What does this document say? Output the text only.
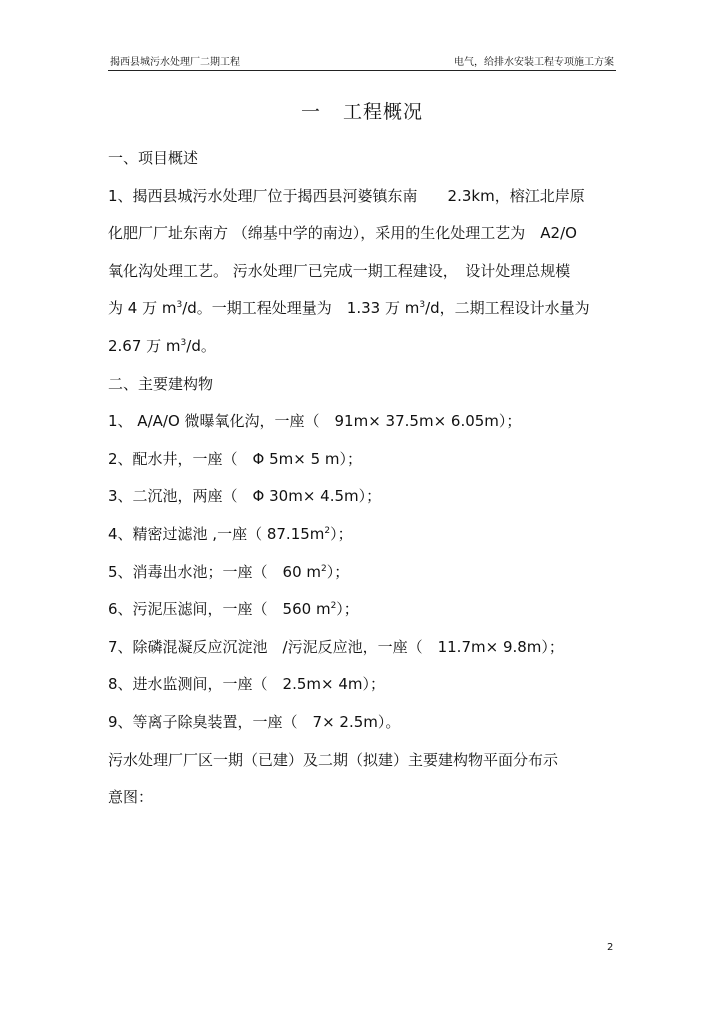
揭西县城污水处理厂二期工程	电气，给排水安装工程专项施工方案
一 工程概况

一、项目概述

1、揭西县城污水处理厂位于揭西县河婆镇东南　　2.3km，榕江北岸原

化肥厂厂址东南方 （绵基中学的南边），采用的生化处理工艺为　A2/O

氧化沟处理工艺。 污水处理厂已完成一期工程建设，　设计处理总规模

为 4 万 $m^3/d$。一期工程处理量为　1.33 万 $m^3/d$，二期工程设计水量为

2.67 万 $m^3/d$。

二、主要建构物

1、 A/A/O 微曝氧化沟，一座（　91m× 37.5m× 6.05m）；

2、配水井，一座（　Φ 5m× 5 m）；

3、二沉池，两座（　Φ 30m× 4.5m）；

4、精密过滤池 ,一座（ $87.15m^2$）；

5、消毒出水池；一座（　60 $m^2$）；

6、污泥压滤间，一座（　560 $m^2$）；

7、除磷混凝反应沉淀池　/污泥反应池，一座（　11.7m× 9.8m）；

8、进水监测间，一座（　2.5m× 4m）；

9、等离子除臭装置，一座（　7× 2.5m）。

污水处理厂厂区一期（已建）及二期（拟建）主要建构物平面分布示

意图：

2
